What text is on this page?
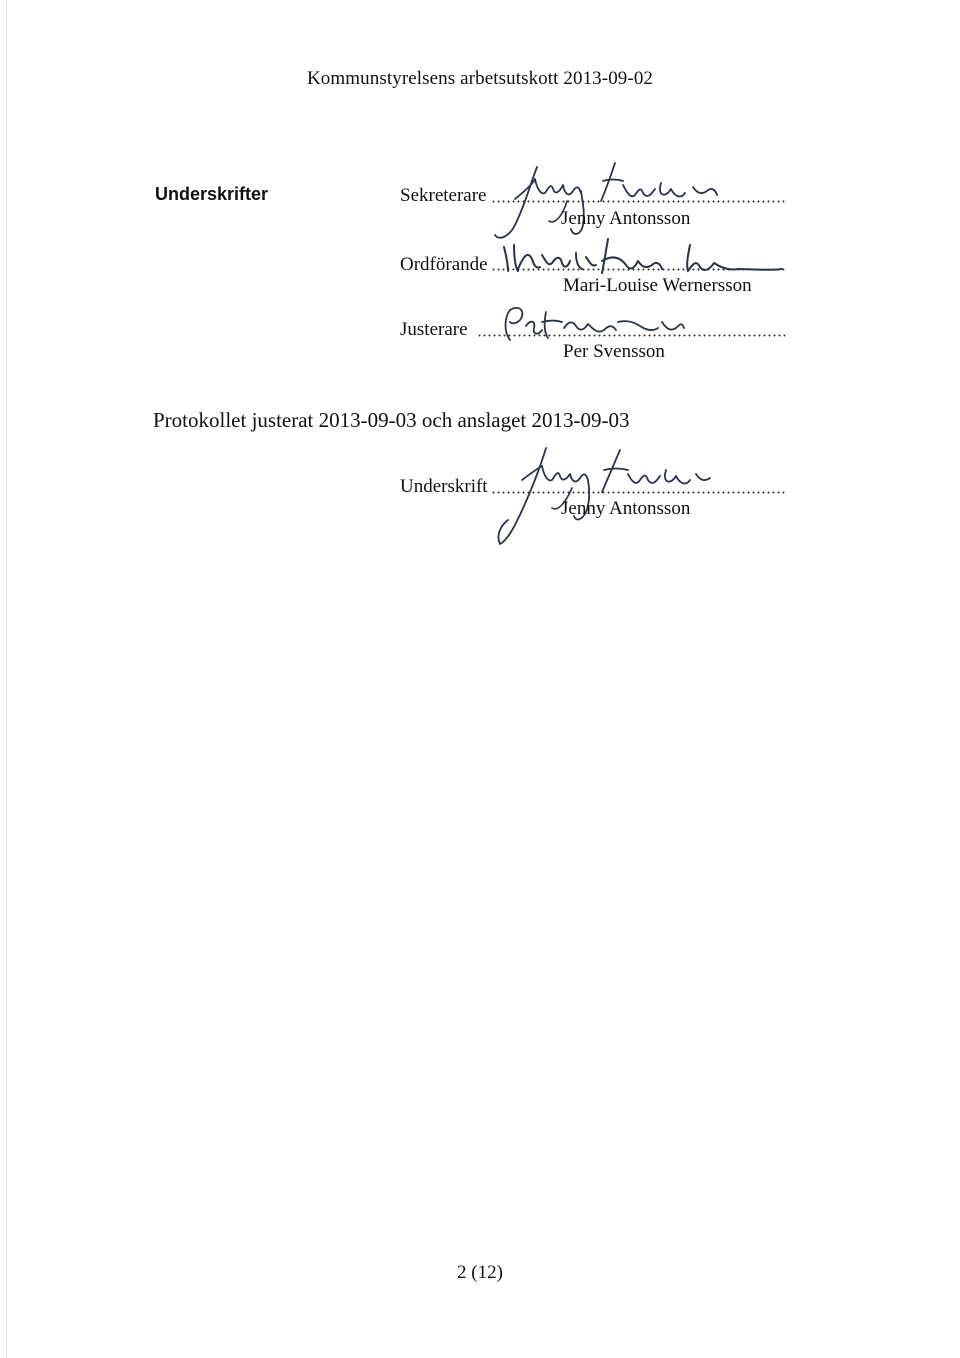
Kommunstyrelsens arbetsutskott 2013-09-02
Underskrifter	Sekreterare
Jenny Antonsson
Ordförande
Mari-Louise Wernersson
Justerare
Per Svensson
Protokollet justerat 2013-09-03 och anslaget 2013-09-03
Underskrift
Jenny Antonsson
2 (12)
